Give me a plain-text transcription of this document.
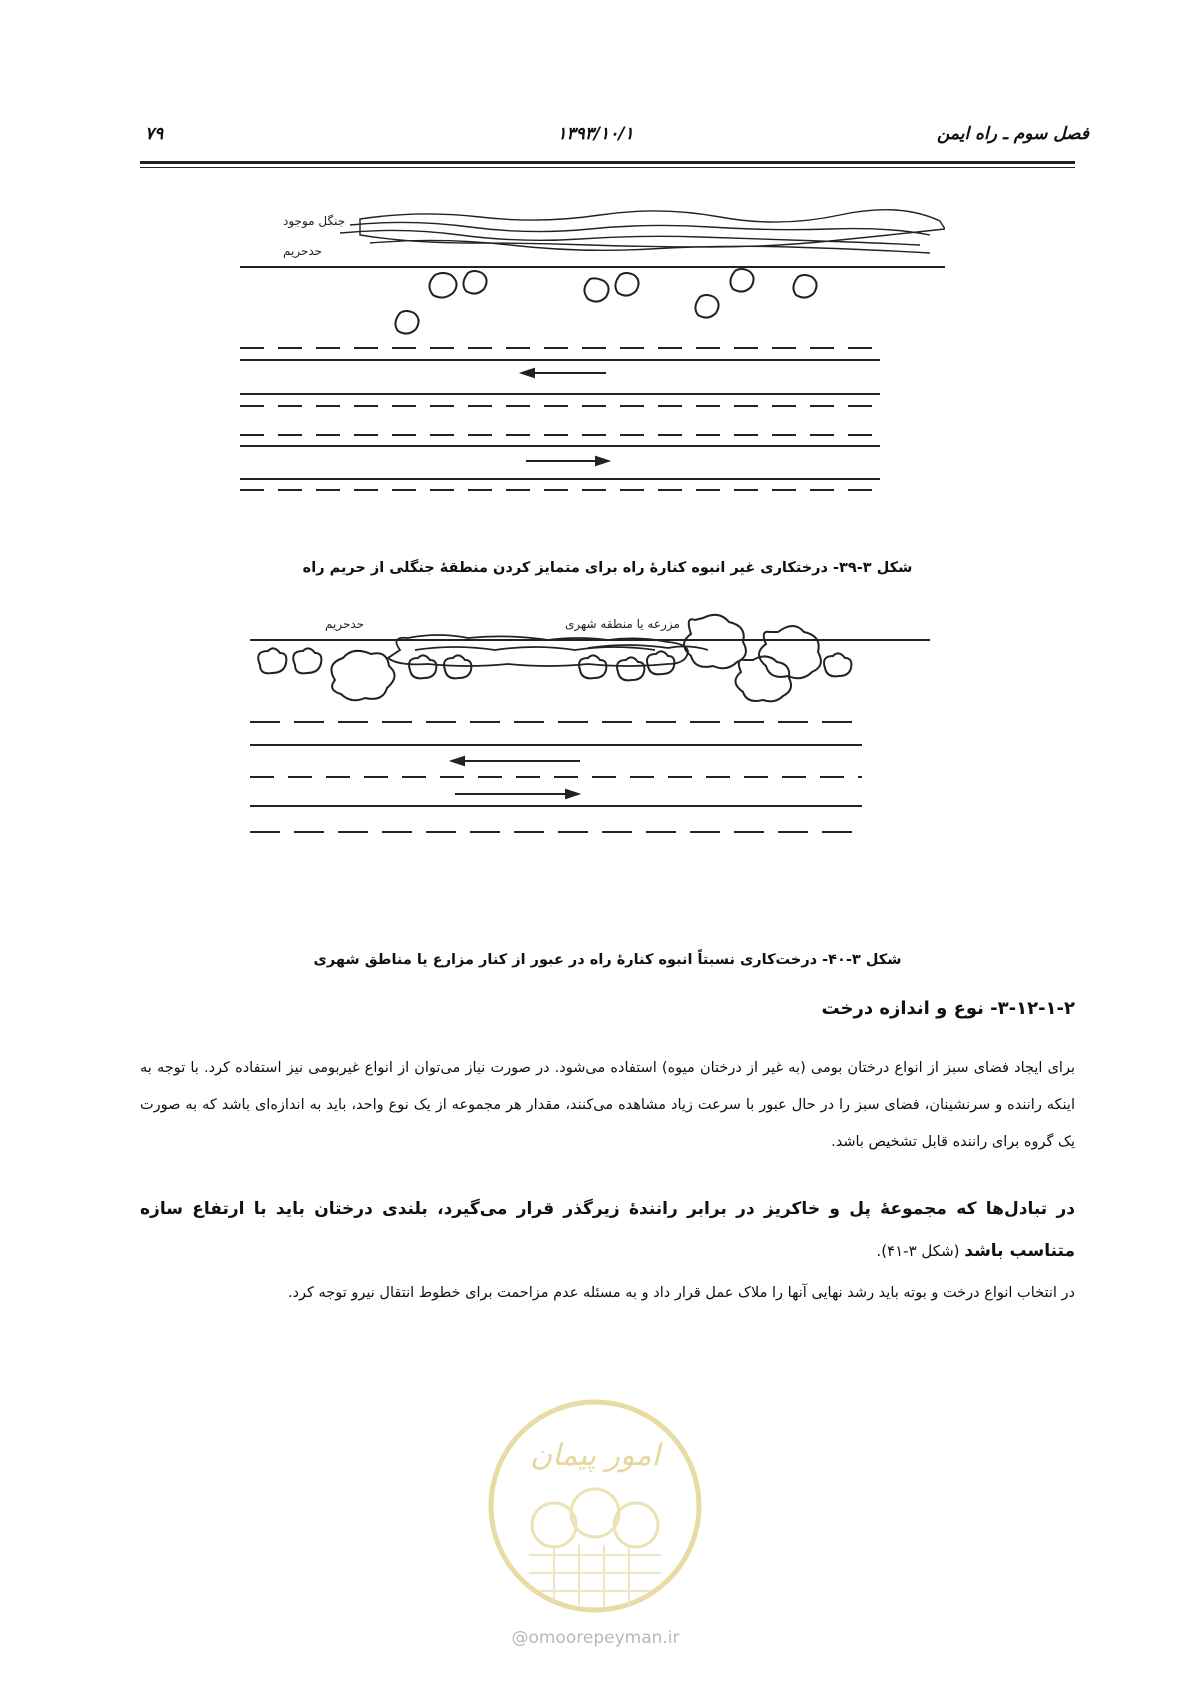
فصل سوم ـ راه ایمن
۱۳۹۳/۱۰/۱
۷۹
جنگل موجود
حدحریم
شکل ۳-۳۹- درختکاری غیر انبوه کنارهٔ راه برای متمایز کردن منطقهٔ جنگلی از حریم راه
حدحریم	مزرعه یا منطقه شهری
شکل ۳-۴۰- درخت‌کاری نسبتاً انبوه کنارهٔ راه در عبور از کنار مزارع یا مناطق شهری
۳-۱۲-۱-۲- نوع و اندازه درخت
برای ایجاد فضای سبز از انواع درختان بومی (به غیر از درختان میوه) استفاده می‌شود. در صورت نیاز می‌توان از انواع غیربومی نیز استفاده کرد. با توجه به اینکه راننده و سرنشینان، فضای سبز را در حال عبور با سرعت زیاد مشاهده می‌کنند، مقدار هر مجموعه از یک نوع واحد، باید به اندازه‌ای باشد که به صورت یک گروه برای راننده قابل تشخیص باشد.
در تبادل‌ها که مجموعهٔ پل و خاکریز در برابر رانندهٔ زیرگذر قرار می‌گیرد، بلندی درختان باید با ارتفاع سازه متناسب باشد (شکل ۳-۴۱).
در انتخاب انواع درخت و بوته باید رشد نهایی آنها را ملاک عمل قرار داد و به مسئله عدم مزاحمت برای خطوط انتقال نیرو توجه کرد.
امور پیمان
@omoorepeyman.ir
